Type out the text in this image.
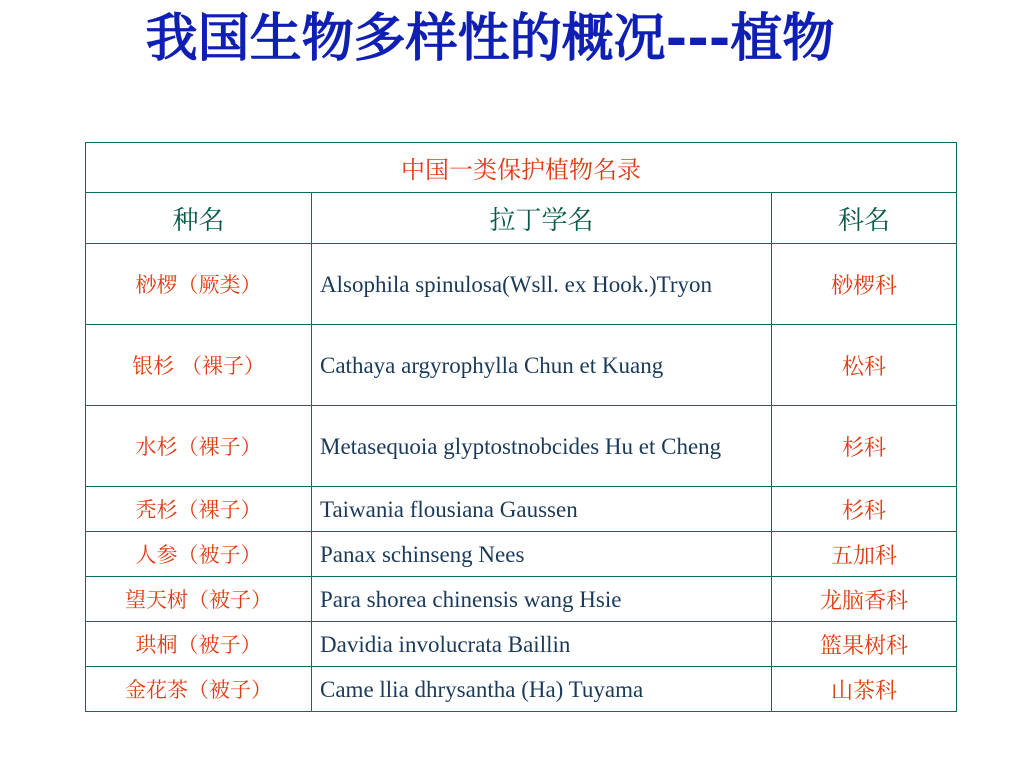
我国生物多样性的概况---植物
中国一类保护植物名录		
种名	拉丁学名	科名
桫椤（厥类）	Alsophila spinulosa(Wsll. ex Hook.)Tryon	桫椤科
银杉 （裸子）	Cathaya argyrophylla Chun et Kuang	松科
水杉（裸子）	Metasequoia glyptostnobcides Hu et Cheng	杉科
秃杉（裸子）	Taiwania flousiana Gaussen	杉科
人参（被子）	Panax schinseng Nees	五加科
望天树（被子）	Para shorea chinensis wang Hsie	龙脑香科
珙桐（被子）	Davidia involucrata Baillin	篮果树科
金花茶（被子）	Came llia dhrysantha (Ha) Tuyama	山茶科
